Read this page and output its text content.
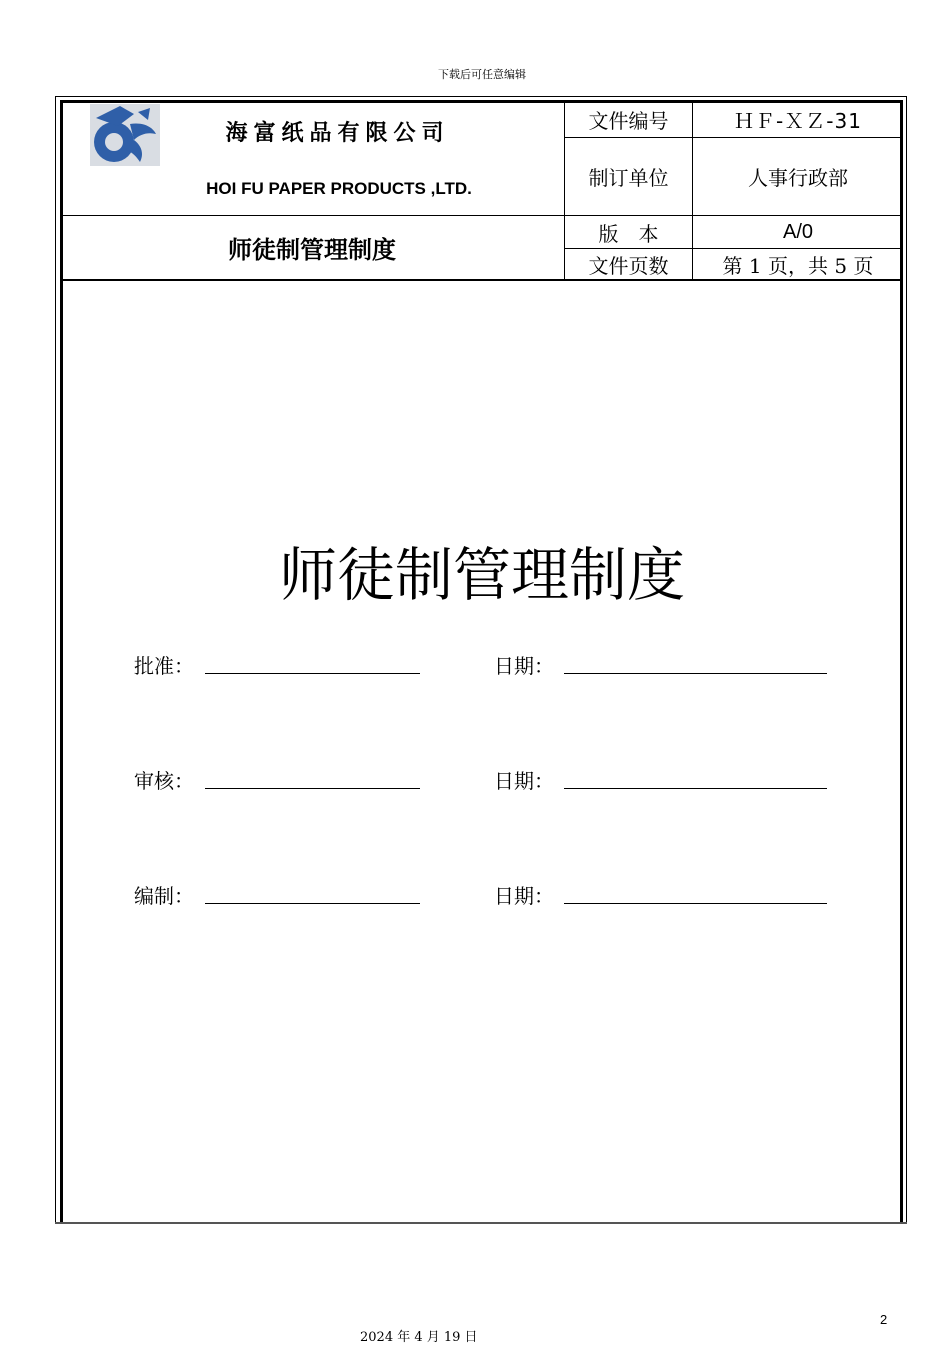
下载后可任意编辑
海富纸品有限公司
HOI FU PAPER PRODUCTS ,LTD.
师徒制管理制度
文件编号	ＨＦ-ＸＺ-31
制订单位	人事行政部
版　本	A/0
文件页数	第 1 页，共 5 页
师徒制管理制度
批准：	日期：
审核：	日期：
编制：	日期：
2
2024 年 4 月 19 日
